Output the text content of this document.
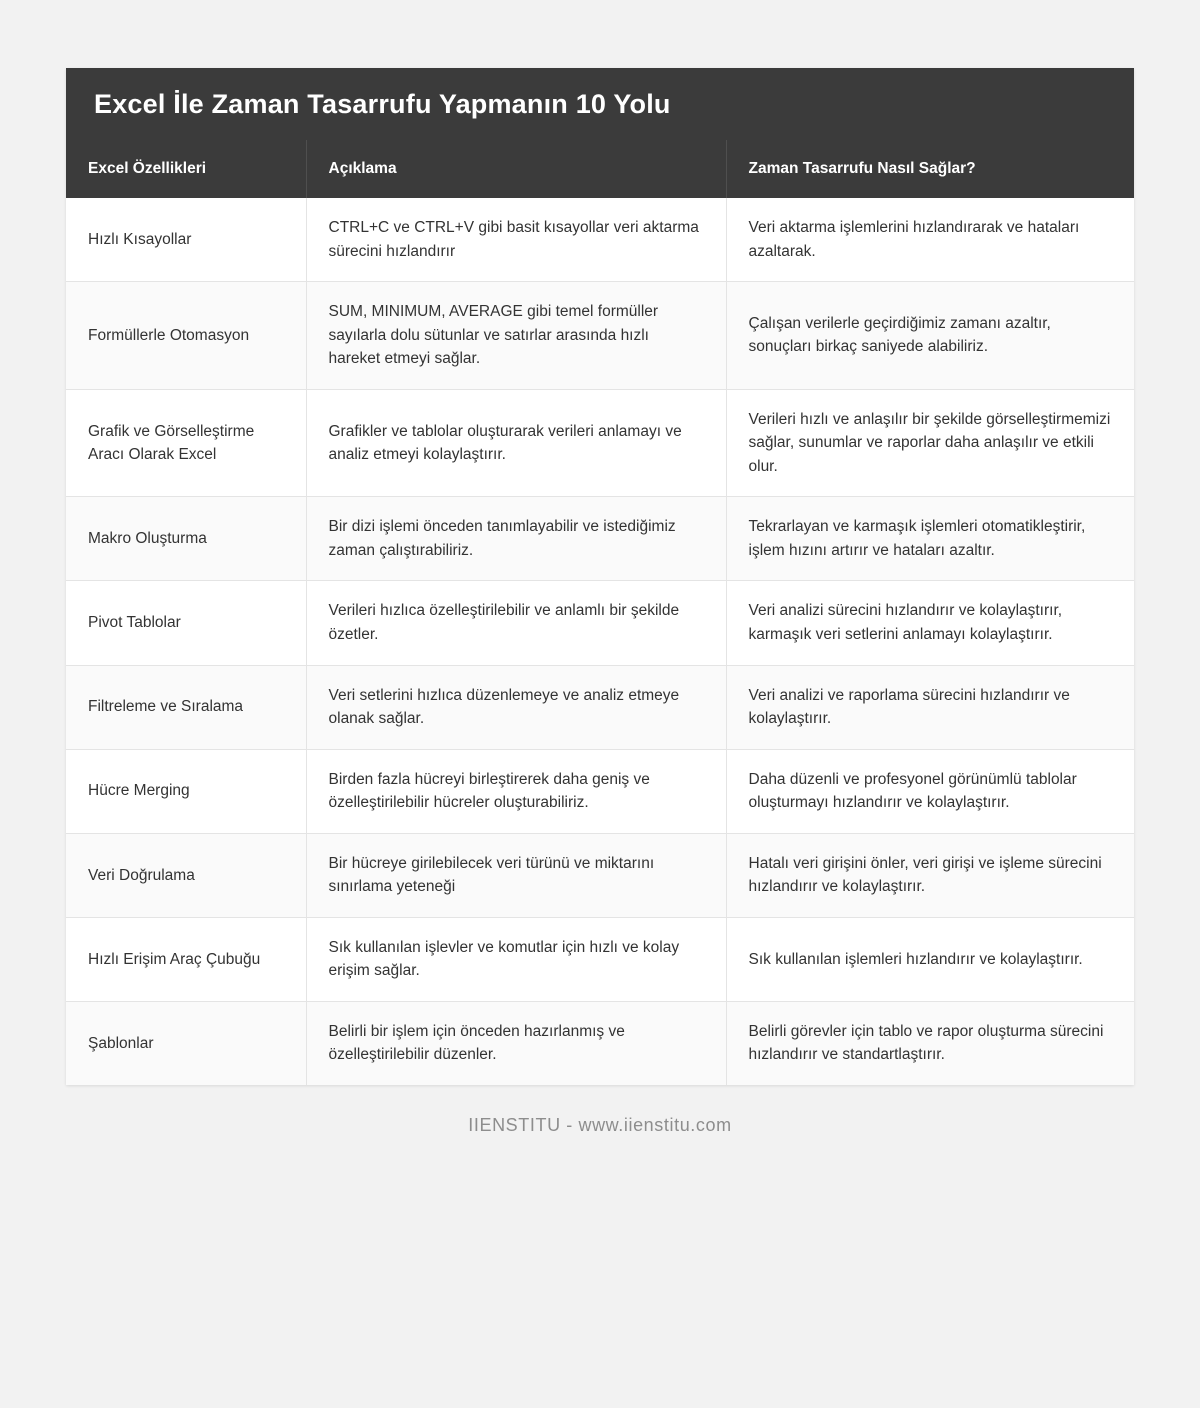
Excel İle Zaman Tasarrufu Yapmanın 10 Yolu
Excel Özellikleri	Açıklama	Zaman Tasarrufu Nasıl Sağlar?
Hızlı Kısayollar	CTRL+C ve CTRL+V gibi basit kısayollar veri aktarma sürecini hızlandırır	Veri aktarma işlemlerini hızlandırarak ve hataları azaltarak.
Formüllerle Otomasyon	SUM, MINIMUM, AVERAGE gibi temel formüller sayılarla dolu sütunlar ve satırlar arasında hızlı hareket etmeyi sağlar.	Çalışan verilerle geçirdiğimiz zamanı azaltır, sonuçları birkaç saniyede alabiliriz.
Grafik ve Görselleştirme Aracı Olarak Excel	Grafikler ve tablolar oluşturarak verileri anlamayı ve analiz etmeyi kolaylaştırır.	Verileri hızlı ve anlaşılır bir şekilde görselleştirmemizi sağlar, sunumlar ve raporlar daha anlaşılır ve etkili olur.
Makro Oluşturma	Bir dizi işlemi önceden tanımlayabilir ve istediğimiz zaman çalıştırabiliriz.	Tekrarlayan ve karmaşık işlemleri otomatikleştirir, işlem hızını artırır ve hataları azaltır.
Pivot Tablolar	Verileri hızlıca özelleştirilebilir ve anlamlı bir şekilde özetler.	Veri analizi sürecini hızlandırır ve kolaylaştırır, karmaşık veri setlerini anlamayı kolaylaştırır.
Filtreleme ve Sıralama	Veri setlerini hızlıca düzenlemeye ve analiz etmeye olanak sağlar.	Veri analizi ve raporlama sürecini hızlandırır ve kolaylaştırır.
Hücre Merging	Birden fazla hücreyi birleştirerek daha geniş ve özelleştirilebilir hücreler oluşturabiliriz.	Daha düzenli ve profesyonel görünümlü tablolar oluşturmayı hızlandırır ve kolaylaştırır.
Veri Doğrulama	Bir hücreye girilebilecek veri türünü ve miktarını sınırlama yeteneği	Hatalı veri girişini önler, veri girişi ve işleme sürecini hızlandırır ve kolaylaştırır.
Hızlı Erişim Araç Çubuğu	Sık kullanılan işlevler ve komutlar için hızlı ve kolay erişim sağlar.	Sık kullanılan işlemleri hızlandırır ve kolaylaştırır.
Şablonlar	Belirli bir işlem için önceden hazırlanmış ve özelleştirilebilir düzenler.	Belirli görevler için tablo ve rapor oluşturma sürecini hızlandırır ve standartlaştırır.
IIENSTITU - www.iienstitu.com
